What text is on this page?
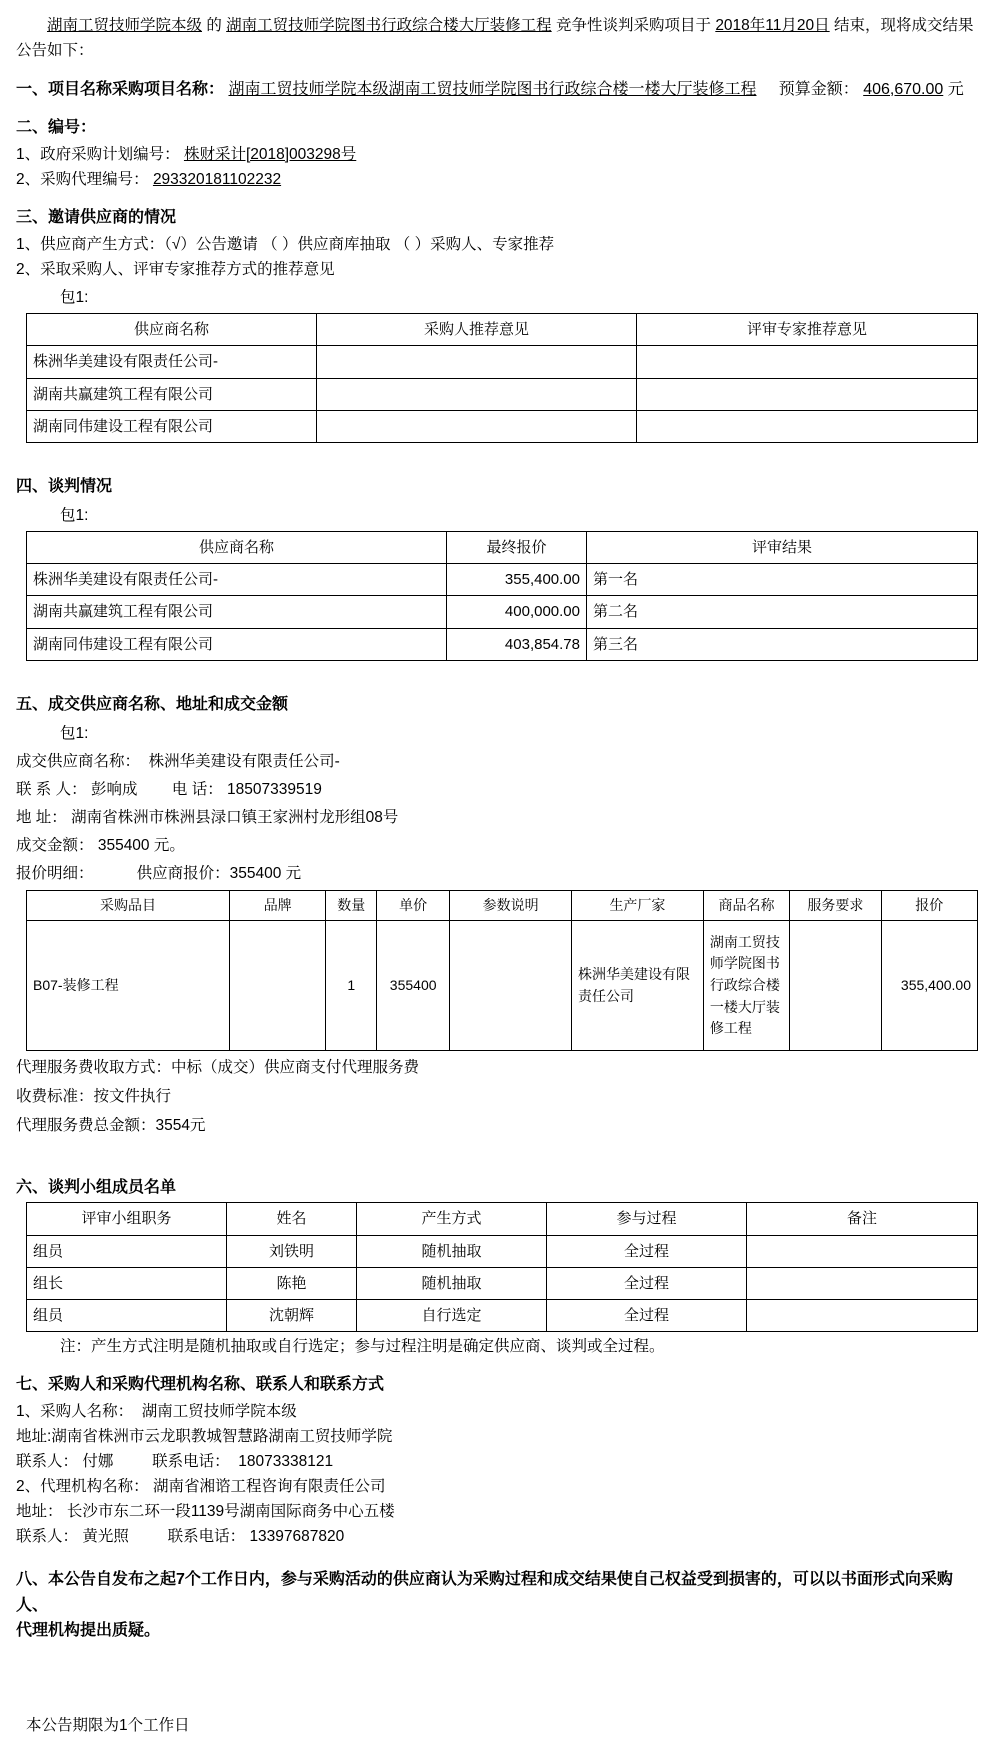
湖南工贸技师学院本级 的 湖南工贸技师学院图书行政综合楼大厅装修工程 竞争性谈判采购项目于 2018年11月20日 结束，现将成交结果公告如下：
一、项目名称采购项目名称： 湖南工贸技师学院本级湖南工贸技师学院图书行政综合楼一楼大厅装修工程 预算金额： 406,670.00 元
二、编号：
1、政府采购计划编号： 株财采计[2018]003298号
2、采购代理编号： 293320181102232
三、邀请供应商的情况
1、供应商产生方式：（√）公告邀请 （ ）供应商库抽取 （ ）采购人、专家推荐
2、采取采购人、评审专家推荐方式的推荐意见
包1:
供应商名称	采购人推荐意见	评审专家推荐意见
株洲华美建设有限责任公司-		
湖南共赢建筑工程有限公司		
湖南同伟建设工程有限公司		
四、谈判情况
包1:
供应商名称	最终报价	评审结果
株洲华美建设有限责任公司-	355,400.00	第一名
湖南共赢建筑工程有限公司	400,000.00	第二名
湖南同伟建设工程有限公司	403,854.78	第三名
五、成交供应商名称、地址和成交金额
包1:
成交供应商名称： 株洲华美建设有限责任公司-
联 系 人： 彭响成 电 话： 18507339519
地 址： 湖南省株洲市株洲县渌口镇王家洲村龙形组08号
成交金额： 355400 元。
报价明细：	供应商报价：355400 元
采购品目	品牌	数量	单价	参数说明	生产厂家	商品名称	服务要求	报价
B07-装修工程		1	355400		株洲华美建设有限责任公司	湖南工贸技师学院图书行政综合楼一楼大厅装修工程		355,400.00
代理服务费收取方式：中标（成交）供应商支付代理服务费
收费标准：按文件执行
代理服务费总金额：3554元
六、谈判小组成员名单
评审小组职务	姓名	产生方式	参与过程	备注
组员	刘铁明	随机抽取	全过程	
组长	陈艳	随机抽取	全过程	
组员	沈朝辉	自行选定	全过程	
注：产生方式注明是随机抽取或自行选定；参与过程注明是确定供应商、谈判或全过程。
七、采购人和采购代理机构名称、联系人和联系方式
1、采购人名称： 湖南工贸技师学院本级
地址:湖南省株洲市云龙职教城智慧路湖南工贸技师学院
联系人： 付娜	联系电话： 18073338121
2、代理机构名称： 湖南省湘谘工程咨询有限责任公司
地址： 长沙市东二环一段1139号湖南国际商务中心五楼
联系人： 黄光照	联系电话： 13397687820
八、本公告自发布之起7个工作日内，参与采购活动的供应商认为采购过程和成交结果使自己权益受到损害的，可以以书面形式向采购人、
代理机构提出质疑。
本公告期限为1个工作日
